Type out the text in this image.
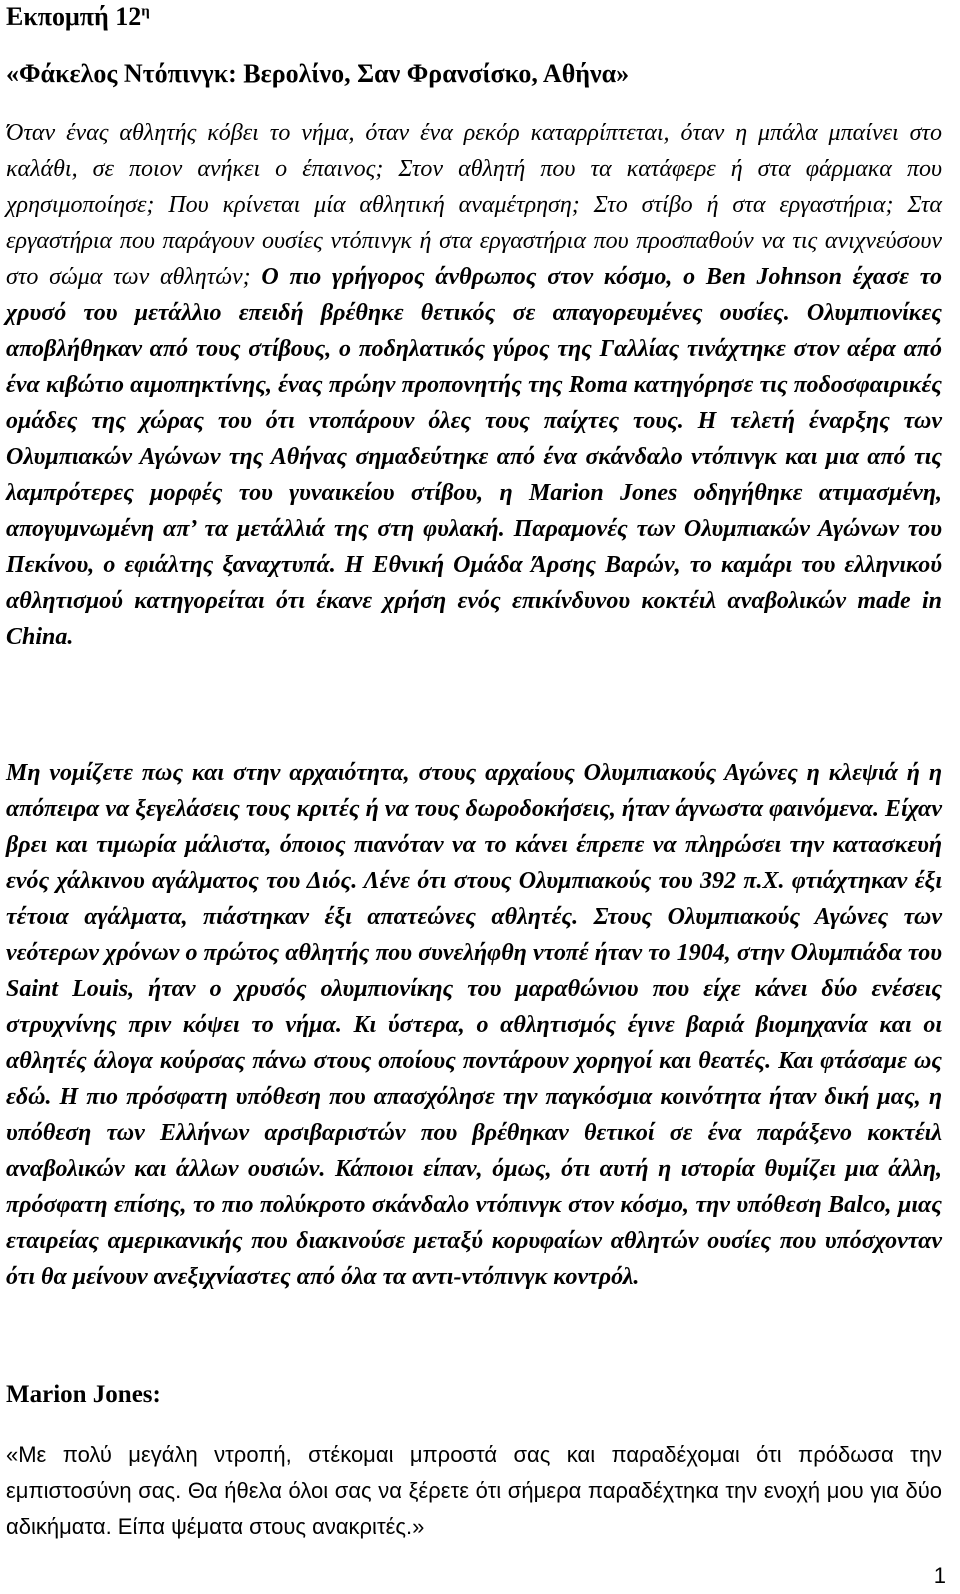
Εκπομπή $12^\eta$
«Φάκελος Ντόπινγκ: Βερολίνο, Σαν Φρανσίσκο, Αθήνα»

Όταν ένας αθλητής κόβει το νήμα, όταν ένα ρεκόρ καταρρίπτεται, όταν η μπάλα μπαίνει στο καλάθι, σε ποιον ανήκει ο έπαινος; Στον αθλητή που τα κατάφερε ή στα φάρμακα που χρησιμοποίησε; Που κρίνεται μία αθλητική αναμέτρηση; Στο στίβο ή στα εργαστήρια; Στα εργαστήρια που παράγουν ουσίες ντόπινγκ ή στα εργαστήρια που προσπαθούν να τις ανιχνεύσουν στο σώμα των αθλητών; Ο πιο γρήγορος άνθρωπος στον κόσμο, ο Ben Johnson έχασε το χρυσό του μετάλλιο επειδή βρέθηκε θετικός σε απαγορευμένες ουσίες. Ολυμπιονίκες αποβλήθηκαν από τους στίβους, ο ποδηλατικός γύρος της Γαλλίας τινάχτηκε στον αέρα από ένα κιβώτιο αιμοπηκτίνης, ένας πρώην προπονητής της Roma κατηγόρησε τις ποδοσφαιρικές ομάδες της χώρας του ότι ντοπάρουν όλες τους παίχτες τους. Η τελετή έναρξης των Ολυμπιακών Αγώνων της Αθήνας σημαδεύτηκε από ένα σκάνδαλο ντόπινγκ και μια από τις λαμπρότερες μορφές του γυναικείου στίβου, η Marion Jones οδηγήθηκε ατιμασμένη, απογυμνωμένη απ’ τα μετάλλιά της στη φυλακή. Παραμονές των Ολυμπιακών Αγώνων του Πεκίνου, ο εφιάλτης ξαναχτυπά. Η Εθνική Ομάδα Άρσης Βαρών, το καμάρι του ελληνικού αθλητισμού κατηγορείται ότι έκανε χρήση ενός επικίνδυνου κοκτέιλ αναβολικών made in China.

Μη νομίζετε πως και στην αρχαιότητα, στους αρχαίους Ολυμπιακούς Αγώνες η κλεψιά ή η απόπειρα να ξεγελάσεις τους κριτές ή να τους δωροδοκήσεις, ήταν άγνωστα φαινόμενα. Είχαν βρει και τιμωρία μάλιστα, όποιος πιανόταν να το κάνει έπρεπε να πληρώσει την κατασκευή ενός χάλκινου αγάλματος του Διός. Λένε ότι στους Ολυμπιακούς του 392 π.Χ. φτιάχτηκαν έξι τέτοια αγάλματα, πιάστηκαν έξι απατεώνες αθλητές. Στους Ολυμπιακούς Αγώνες των νεότερων χρόνων ο πρώτος αθλητής που συνελήφθη ντοπέ ήταν το 1904, στην Ολυμπιάδα του Saint Louis, ήταν ο χρυσός ολυμπιονίκης του μαραθώνιου που είχε κάνει δύο ενέσεις στρυχνίνης πριν κόψει το νήμα. Κι ύστερα, ο αθλητισμός έγινε βαριά βιομηχανία και οι αθλητές άλογα κούρσας πάνω στους οποίους ποντάρουν χορηγοί και θεατές. Και φτάσαμε ως εδώ. Η πιο πρόσφατη υπόθεση που απασχόλησε την παγκόσμια κοινότητα ήταν δική μας, η υπόθεση των Ελλήνων αρσιβαριστών που βρέθηκαν θετικοί σε ένα παράξενο κοκτέιλ αναβολικών και άλλων ουσιών. Κάποιοι είπαν, όμως, ότι αυτή η ιστορία θυμίζει μια άλλη, πρόσφατη επίσης, το πιο πολύκροτο σκάνδαλο ντόπινγκ στον κόσμο, την υπόθεση Balco, μιας εταιρείας αμερικανικής που διακινούσε μεταξύ κορυφαίων αθλητών ουσίες που υπόσχονταν ότι θα μείνουν ανεξιχνίαστες από όλα τα αντι-ντόπινγκ κοντρόλ.

Marion Jones:

«Με πολύ μεγάλη ντροπή, στέκομαι μπροστά σας και παραδέχομαι ότι πρόδωσα την εμπιστοσύνη σας. Θα ήθελα όλοι σας να ξέρετε ότι σήμερα παραδέχτηκα την ενοχή μου για δύο αδικήματα. Είπα ψέματα στους ανακριτές.»

1
